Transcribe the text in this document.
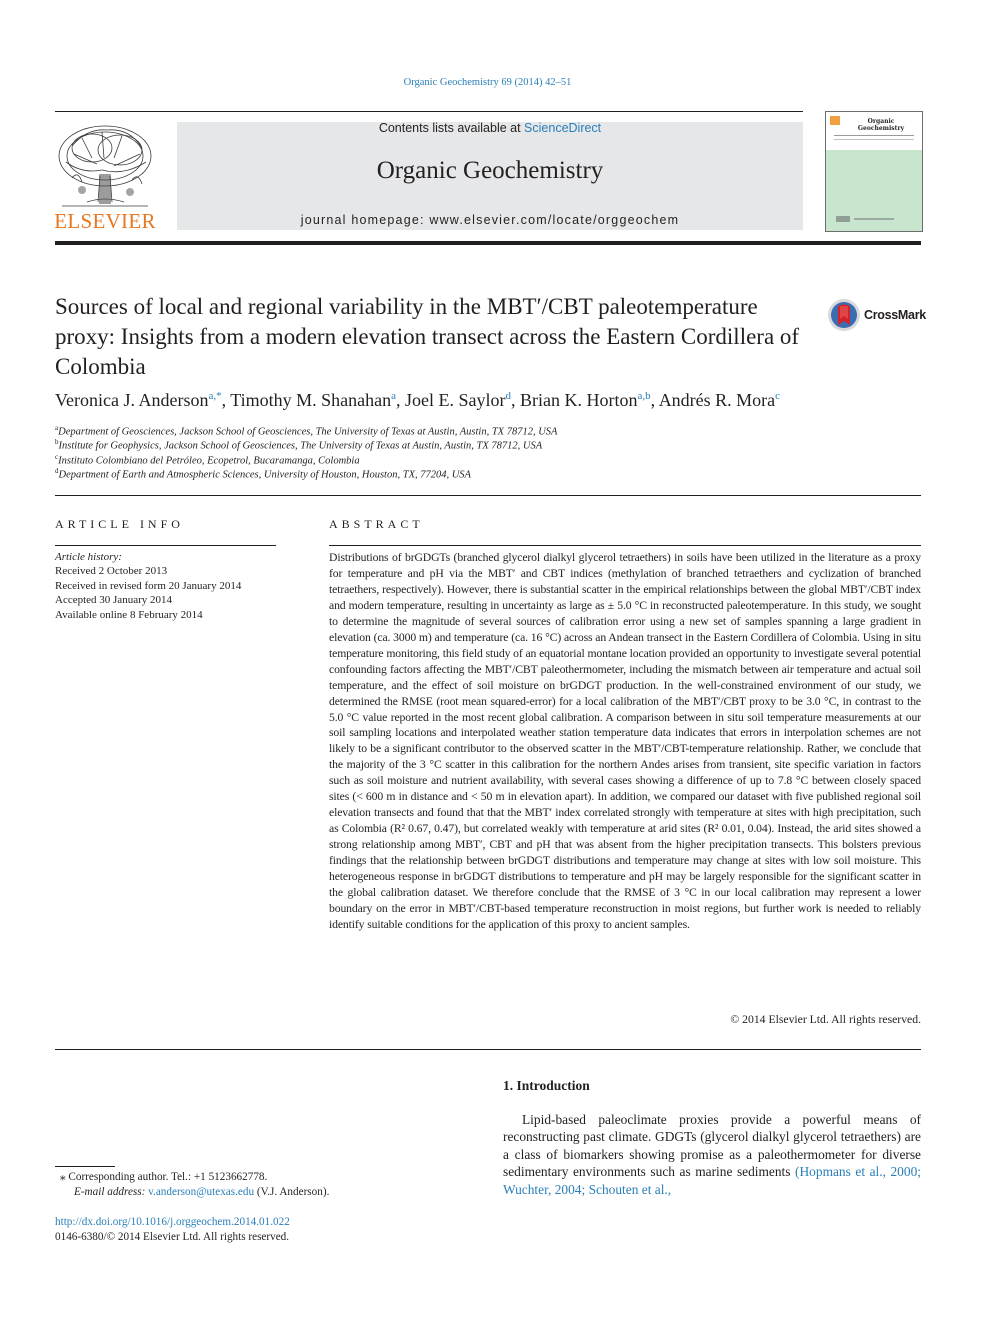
Organic Geochemistry 69 (2014) 42–51
ELSEVIER
Contents lists available at ScienceDirect
Organic Geochemistry
journal homepage: www.elsevier.com/locate/orggeochem
Organic
Geochemistry
Sources of local and regional variability in the MBT′/CBT paleotemperature proxy: Insights from a modern elevation transect across the Eastern Cordillera of Colombia
CrossMark
Veronica J. Anderson$^{a,*}$, Timothy M. Shanahan$^a$, Joel E. Saylor$^d$, Brian K. Horton$^{a,b}$, Andrés R. Mora$^c$
$^a$Department of Geosciences, Jackson School of Geosciences, The University of Texas at Austin, Austin, TX 78712, USA
$^b$Institute for Geophysics, Jackson School of Geosciences, The University of Texas at Austin, Austin, TX 78712, USA
$^c$Instituto Colombiano del Petróleo, Ecopetrol, Bucaramanga, Colombia
$^d$Department of Earth and Atmospheric Sciences, University of Houston, Houston, TX, 77204, USA
ARTICLE INFO
Article history:
Received 2 October 2013
Received in revised form 20 January 2014
Accepted 30 January 2014
Available online 8 February 2014
ABSTRACT
Distributions of brGDGTs (branched glycerol dialkyl glycerol tetraethers) in soils have been utilized in the literature as a proxy for temperature and pH via the MBT′ and CBT indices (methylation of branched tetraethers and cyclization of branched tetraethers, respectively). However, there is substantial scatter in the empirical relationships between the global MBT′/CBT index and modern temperature, resulting in uncertainty as large as ± 5.0 °C in reconstructed paleotemperature. In this study, we sought to determine the magnitude of several sources of calibration error using a new set of samples spanning a large gradient in elevation (ca. 3000 m) and temperature (ca. 16 °C) across an Andean transect in the Eastern Cordillera of Colombia. Using in situ temperature monitoring, this field study of an equatorial montane location provided an opportunity to investigate several potential confounding factors affecting the MBT′/CBT paleothermometer, including the mismatch between air temperature and actual soil temperature, and the effect of soil moisture on brGDGT production. In the well-constrained environment of our study, we determined the RMSE (root mean squared-error) for a local calibration of the MBT′/CBT proxy to be 3.0 °C, in contrast to the 5.0 °C value reported in the most recent global calibration. A comparison between in situ soil temperature measurements at our soil sampling locations and interpolated weather station temperature data indicates that errors in interpolation schemes are not likely to be a significant contributor to the observed scatter in the MBT′/CBT-temperature relationship. Rather, we conclude that the majority of the 3 °C scatter in this calibration for the northern Andes arises from transient, site specific variation in factors such as soil moisture and nutrient availability, with several cases showing a difference of up to 7.8 °C between closely spaced sites (< 600 m in distance and < 50 m in elevation apart). In addition, we compared our dataset with five published regional soil elevation transects and found that that the MBT′ index correlated strongly with temperature at sites with high precipitation, such as Colombia (R² 0.67, 0.47), but correlated weakly with temperature at arid sites (R² 0.01, 0.04). Instead, the arid sites showed a strong relationship among MBT′, CBT and pH that was absent from the higher precipitation transects. This bolsters previous findings that the relationship between brGDGT distributions and temperature may change at sites with low soil moisture. This heterogeneous response in brGDGT distributions to temperature and pH may be largely responsible for the significant scatter in the global calibration dataset. We therefore conclude that the RMSE of 3 °C in our local calibration may represent a lower boundary on the error in MBT′/CBT-based temperature reconstruction in moist regions, but further work is needed to reliably identify suitable conditions for the application of this proxy to ancient samples.
© 2014 Elsevier Ltd. All rights reserved.
1. Introduction
Lipid-based paleoclimate proxies provide a powerful means of reconstructing past climate. GDGTs (glycerol dialkyl glycerol tetraethers) are a class of biomarkers showing promise as a paleothermometer for diverse sedimentary environments such as marine sediments (Hopmans et al., 2000; Wuchter, 2004; Schouten et al.,
⁎ Corresponding author. Tel.: +1 5123662778.
E-mail address: v.anderson@utexas.edu (V.J. Anderson).
http://dx.doi.org/10.1016/j.orggeochem.2014.01.022
0146-6380/© 2014 Elsevier Ltd. All rights reserved.
